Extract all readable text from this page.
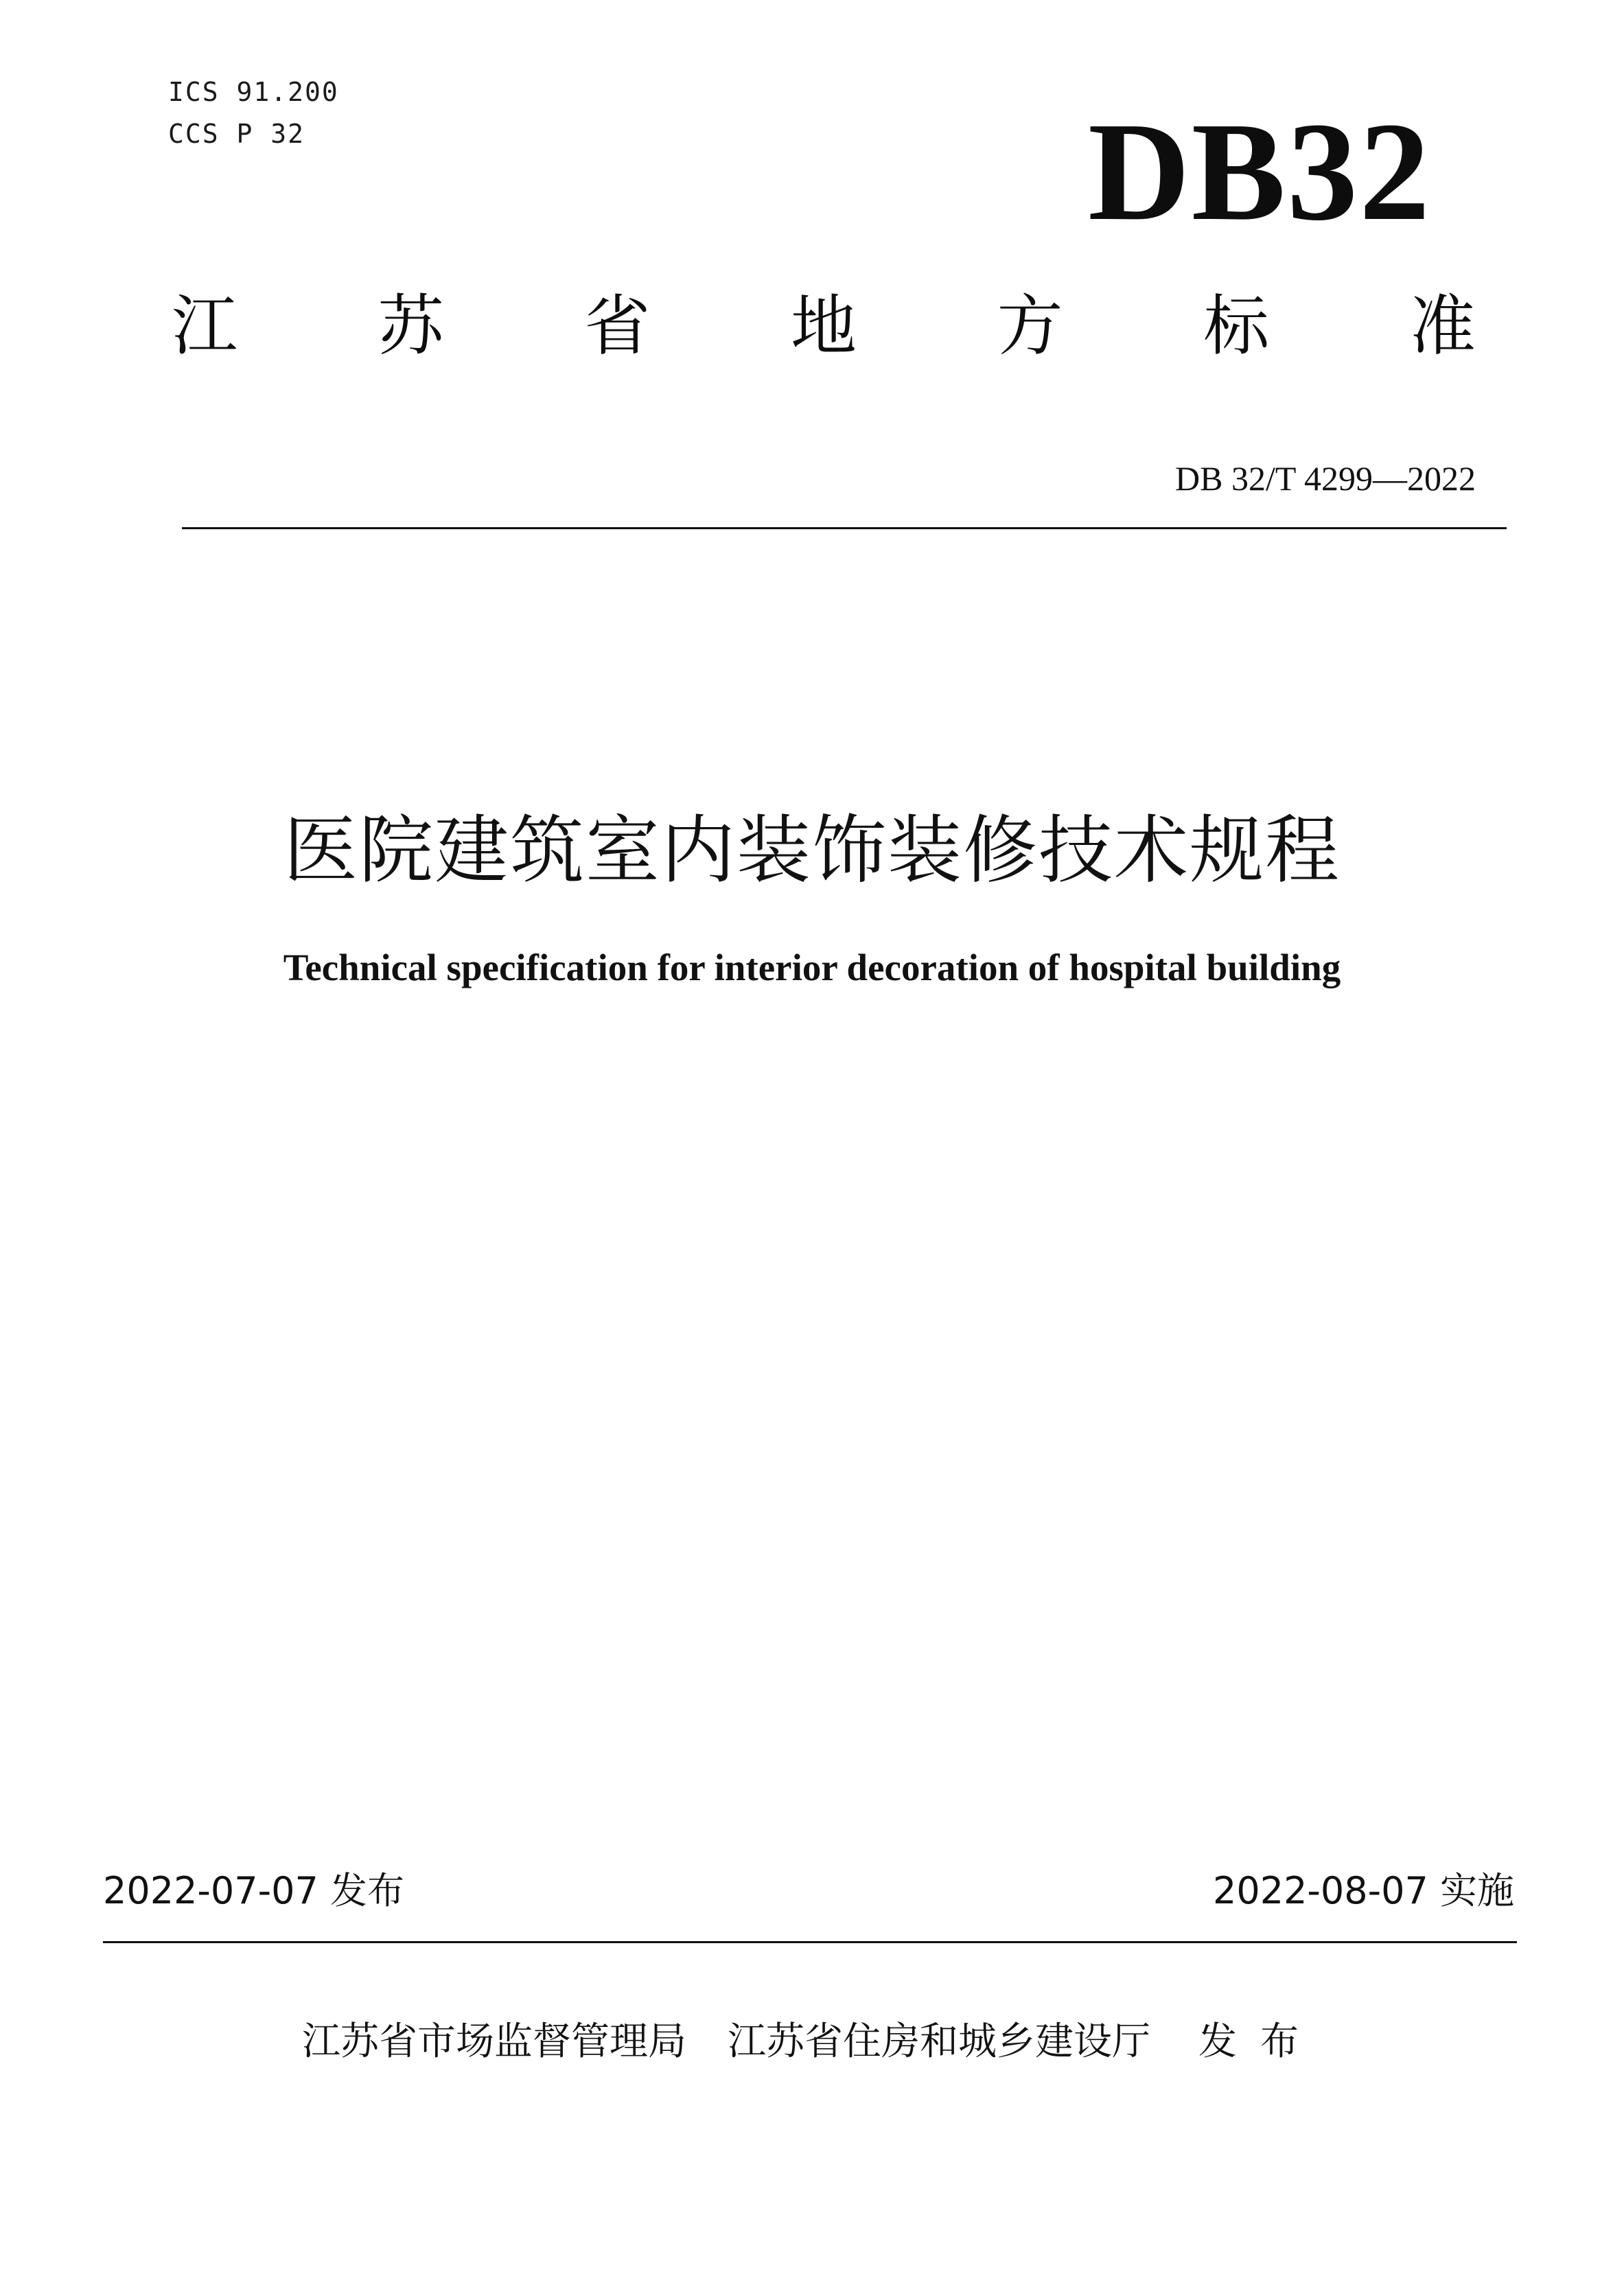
ICS 91.200
CCS P 32	DB32
江 苏 省 地 方 标 准
DB 32/T 4299—2022
医院建筑室内装饰装修技术规程
Technical specification for interior decoration of hospital building
2022-07-07 发布	2022-08-07 实施
江苏省市场监督管理局 江苏省住房和城乡建设厅 发布
